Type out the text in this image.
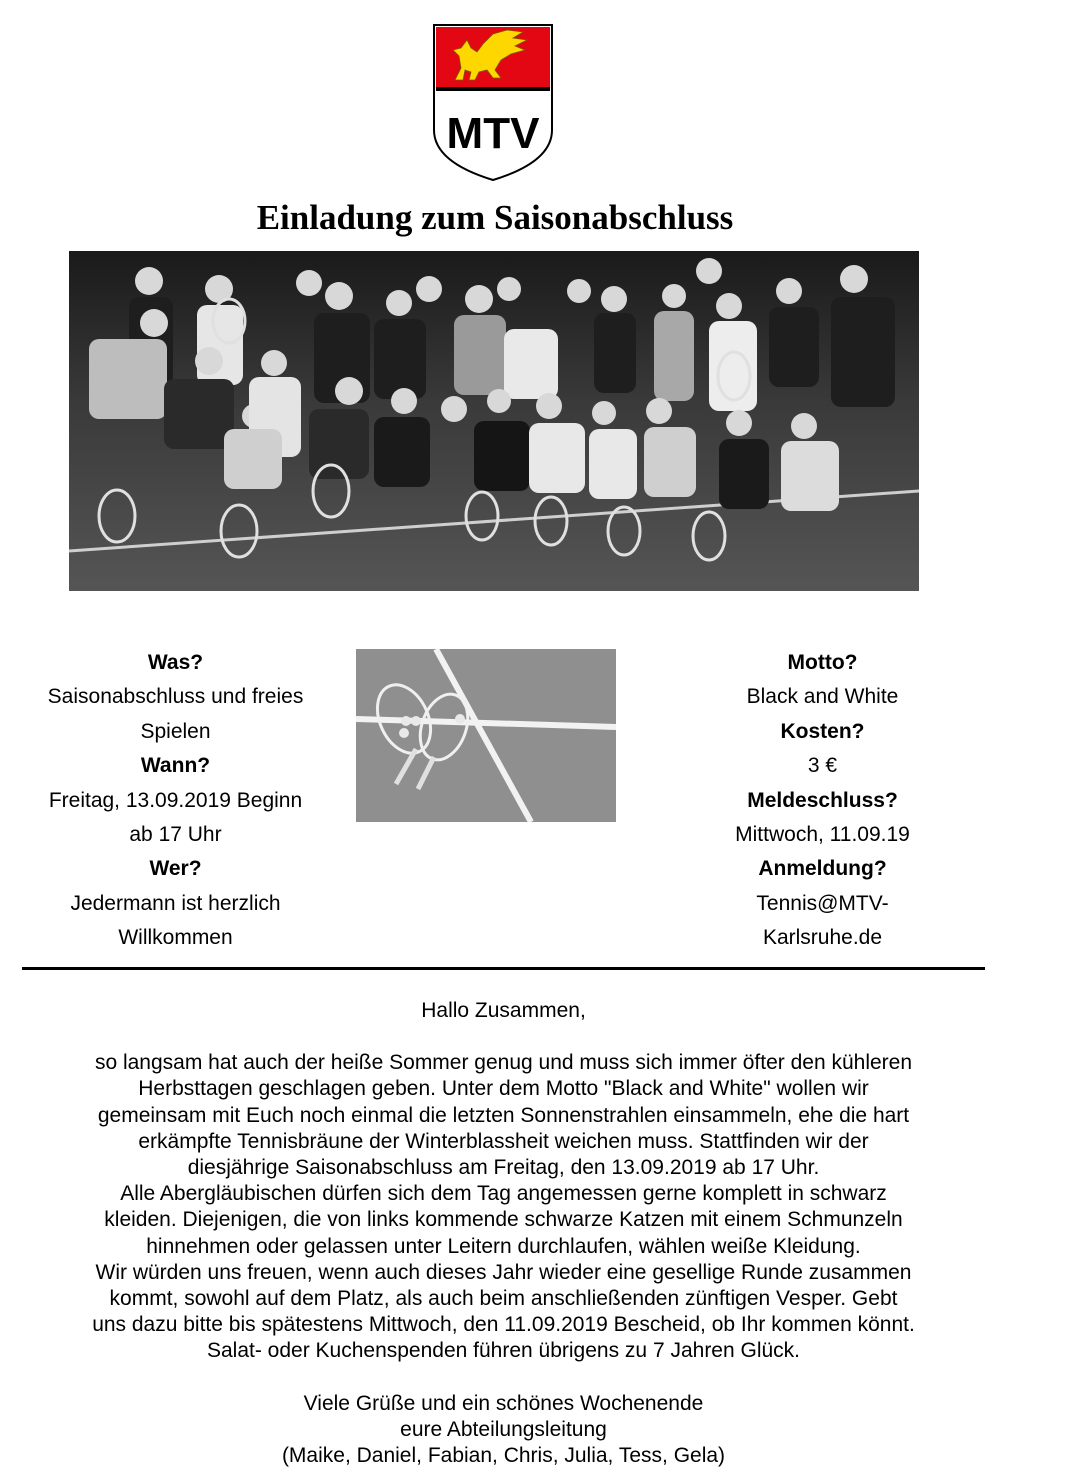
MTV
Einladung zum Saisonabschluss
Was?
Saisonabschluss und freies
Spielen
Wann?
Freitag, 13.09.2019 Beginn
ab 17 Uhr
Wer?
Jedermann ist herzlich
Willkommen
Motto?
Black and White
Kosten?
3 €
Meldeschluss?
Mittwoch, 11.09.19
Anmeldung?
Tennis@MTV-
Karlsruhe.de

Hallo Zusammen,

so langsam hat auch der heiße Sommer genug und muss sich immer öfter den kühleren

Herbsttagen geschlagen geben. Unter dem Motto "Black and White" wollen wir

gemeinsam mit Euch noch einmal die letzten Sonnenstrahlen einsammeln, ehe die hart

erkämpfte Tennisbräune der Winterblassheit weichen muss. Stattfinden wir der

diesjährige Saisonabschluss am Freitag, den 13.09.2019 ab 17 Uhr.

Alle Abergläubischen dürfen sich dem Tag angemessen gerne komplett in schwarz

kleiden. Diejenigen, die von links kommende schwarze Katzen mit einem Schmunzeln

hinnehmen oder gelassen unter Leitern durchlaufen, wählen weiße Kleidung.

Wir würden uns freuen, wenn auch dieses Jahr wieder eine gesellige Runde zusammen

kommt, sowohl auf dem Platz, als auch beim anschließenden zünftigen Vesper. Gebt

uns dazu bitte bis spätestens Mittwoch, den 11.09.2019 Bescheid, ob Ihr kommen könnt.

Salat- oder Kuchenspenden führen übrigens zu 7 Jahren Glück.

Viele Grüße und ein schönes Wochenende

eure Abteilungsleitung

(Maike, Daniel, Fabian, Chris, Julia, Tess, Gela)
